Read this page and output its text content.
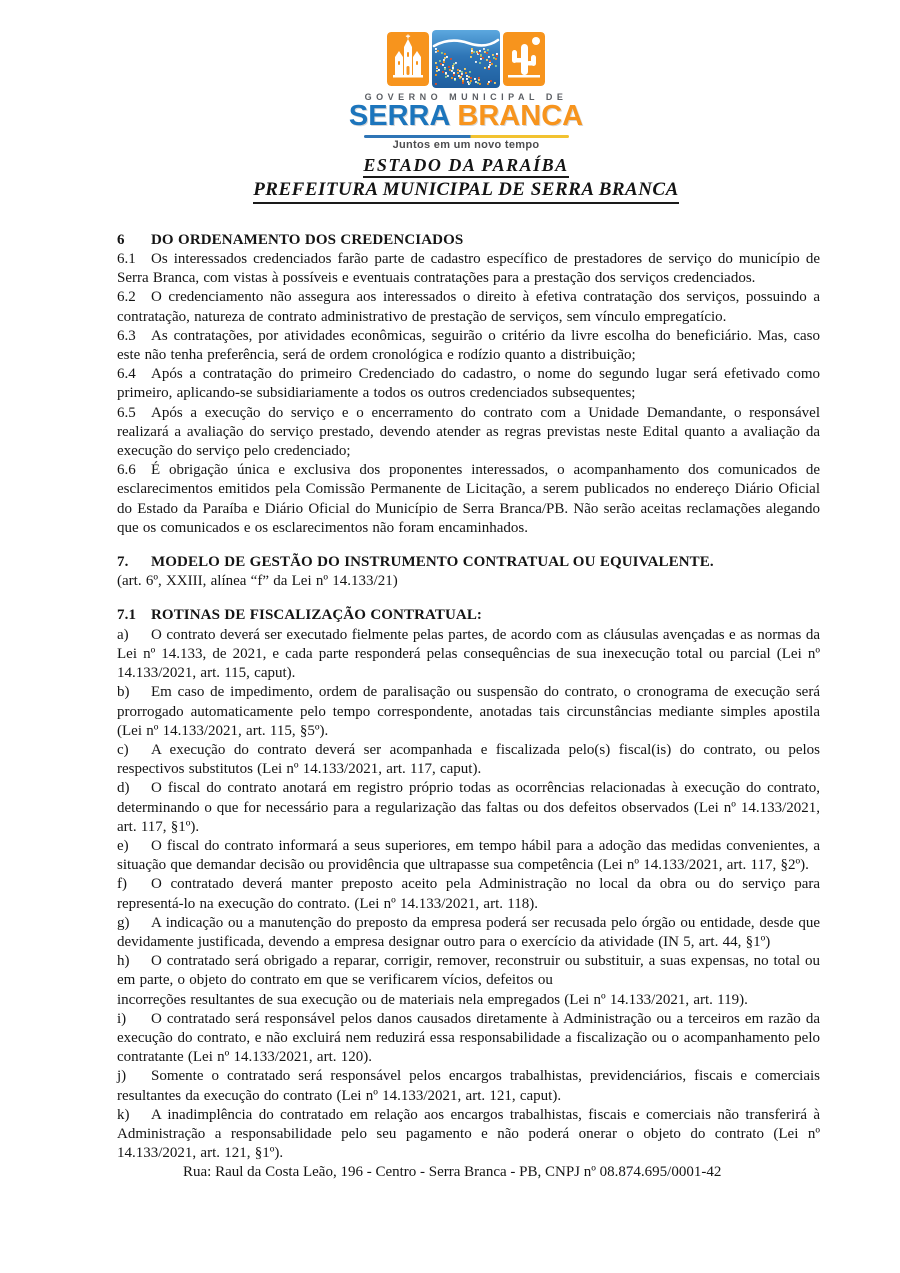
GOVERNO MUNICIPAL DE
SERRA BRANCA
Juntos em um novo tempo
ESTADO DA PARAÍBA
PREFEITURA MUNICIPAL DE SERRA BRANCA

6 DO ORDENAMENTO DOS CREDENCIADOS

6.1 Os interessados credenciados farão parte de cadastro específico de prestadores de serviço do município de Serra Branca, com vistas à possíveis e eventuais contratações para a prestação dos serviços credenciados.

6.2 O credenciamento não assegura aos interessados o direito à efetiva contratação dos serviços, possuindo a contratação, natureza de contrato administrativo de prestação de serviços, sem vínculo empregatício.

6.3 As contratações, por atividades econômicas, seguirão o critério da livre escolha do beneficiário. Mas, caso este não tenha preferência, será de ordem cronológica e rodízio quanto a distribuição;

6.4 Após a contratação do primeiro Credenciado do cadastro, o nome do segundo lugar será efetivado como primeiro, aplicando-se subsidiariamente a todos os outros credenciados subsequentes;

6.5 Após a execução do serviço e o encerramento do contrato com a Unidade Demandante, o responsável realizará a avaliação do serviço prestado, devendo atender as regras previstas neste Edital quanto a avaliação da execução do serviço pelo credenciado;

6.6 É obrigação única e exclusiva dos proponentes interessados, o acompanhamento dos comunicados de esclarecimentos emitidos pela Comissão Permanente de Licitação, a serem publicados no endereço Diário Oficial do Estado da Paraíba e Diário Oficial do Município de Serra Branca/PB. Não serão aceitas reclamações alegando que os comunicados e os esclarecimentos não foram encaminhados.

7. MODELO DE GESTÃO DO INSTRUMENTO CONTRATUAL OU EQUIVALENTE.

(art. 6º, XXIII, alínea “f” da Lei nº 14.133/21)

7.1 ROTINAS DE FISCALIZAÇÃO CONTRATUAL:

a) O contrato deverá ser executado fielmente pelas partes, de acordo com as cláusulas avençadas e as normas da Lei nº 14.133, de 2021, e cada parte responderá pelas consequências de sua inexecução total ou parcial (Lei nº 14.133/2021, art. 115, caput).

b) Em caso de impedimento, ordem de paralisação ou suspensão do contrato, o cronograma de execução será prorrogado automaticamente pelo tempo correspondente, anotadas tais circunstâncias mediante simples apostila (Lei nº 14.133/2021, art. 115, §5º).

c) A execução do contrato deverá ser acompanhada e fiscalizada pelo(s) fiscal(is) do contrato, ou pelos respectivos substitutos (Lei nº 14.133/2021, art. 117, caput).

d) O fiscal do contrato anotará em registro próprio todas as ocorrências relacionadas à execução do contrato, determinando o que for necessário para a regularização das faltas ou dos defeitos observados (Lei nº 14.133/2021, art. 117, §1º).

e) O fiscal do contrato informará a seus superiores, em tempo hábil para a adoção das medidas convenientes, a situação que demandar decisão ou providência que ultrapasse sua competência (Lei nº 14.133/2021, art. 117, §2º).

f) O contratado deverá manter preposto aceito pela Administração no local da obra ou do serviço para representá-lo na execução do contrato. (Lei nº 14.133/2021, art. 118).

g) A indicação ou a manutenção do preposto da empresa poderá ser recusada pelo órgão ou entidade, desde que devidamente justificada, devendo a empresa designar outro para o exercício da atividade (IN 5, art. 44, §1º)

h) O contratado será obrigado a reparar, corrigir, remover, reconstruir ou substituir, a suas expensas, no total ou em parte, o objeto do contrato em que se verificarem vícios, defeitos ou

incorreções resultantes de sua execução ou de materiais nela empregados (Lei nº 14.133/2021, art. 119).

i) O contratado será responsável pelos danos causados diretamente à Administração ou a terceiros em razão da execução do contrato, e não excluirá nem reduzirá essa responsabilidade a fiscalização ou o acompanhamento pelo contratante (Lei nº 14.133/2021, art. 120).

j) Somente o contratado será responsável pelos encargos trabalhistas, previdenciários, fiscais e comerciais resultantes da execução do contrato (Lei nº 14.133/2021, art. 121, caput).

k) A inadimplência do contratado em relação aos encargos trabalhistas, fiscais e comerciais não transferirá à Administração a responsabilidade pelo seu pagamento e não poderá onerar o objeto do contrato (Lei nº 14.133/2021, art. 121, §1º).

Rua: Raul da Costa Leão, 196 - Centro - Serra Branca - PB, CNPJ nº 08.874.695/0001-42
